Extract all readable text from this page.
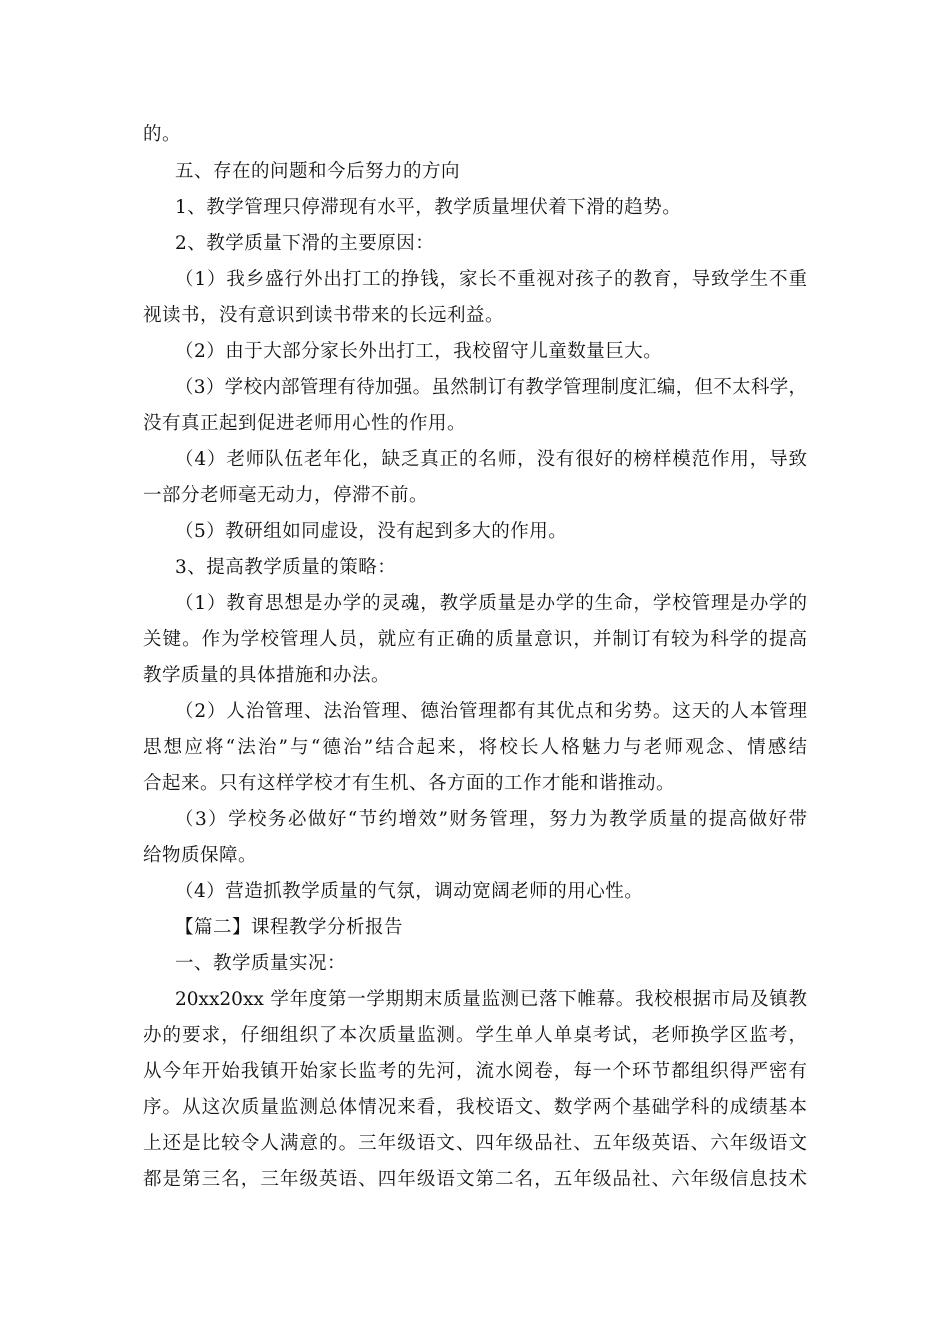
的。
五、存在的问题和今后努力的方向
1、教学管理只停滞现有水平，教学质量埋伏着下滑的趋势。
2、教学质量下滑的主要原因：
（1）我乡盛行外出打工的挣钱，家长不重视对孩子的教育，导致学生不重
视读书，没有意识到读书带来的长远利益。
（2）由于大部分家长外出打工，我校留守儿童数量巨大。
（3）学校内部管理有待加强。虽然制订有教学管理制度汇编，但不太科学，
没有真正起到促进老师用心性的作用。
（4）老师队伍老年化，缺乏真正的名师，没有很好的榜样模范作用，导致
一部分老师毫无动力，停滞不前。
（5）教研组如同虚设，没有起到多大的作用。
3、提高教学质量的策略：
（1）教育思想是办学的灵魂，教学质量是办学的生命，学校管理是办学的
关键。作为学校管理人员，就应有正确的质量意识，并制订有较为科学的提高
教学质量的具体措施和办法。
（2）人治管理、法治管理、德治管理都有其优点和劣势。这天的人本管理
思想应将“法治”与“德治”结合起来，将校长人格魅力与老师观念、情感结
合起来。只有这样学校才有生机、各方面的工作才能和谐推动。
（3）学校务必做好“节约增效”财务管理，努力为教学质量的提高做好带
给物质保障。
（4）营造抓教学质量的气氛，调动宽阔老师的用心性。
【篇二】课程教学分析报告
一、教学质量实况：
20xx20xx 学年度第一学期期末质量监测已落下帷幕。我校根据市局及镇教
办的要求，仔细组织了本次质量监测。学生单人单桌考试，老师换学区监考，
从今年开始我镇开始家长监考的先河，流水阅卷，每一个环节都组织得严密有
序。从这次质量监测总体情况来看，我校语文、数学两个基础学科的成绩基本
上还是比较令人满意的。三年级语文、四年级品社、五年级英语、六年级语文
都是第三名，三年级英语、四年级语文第二名，五年级品社、六年级信息技术
